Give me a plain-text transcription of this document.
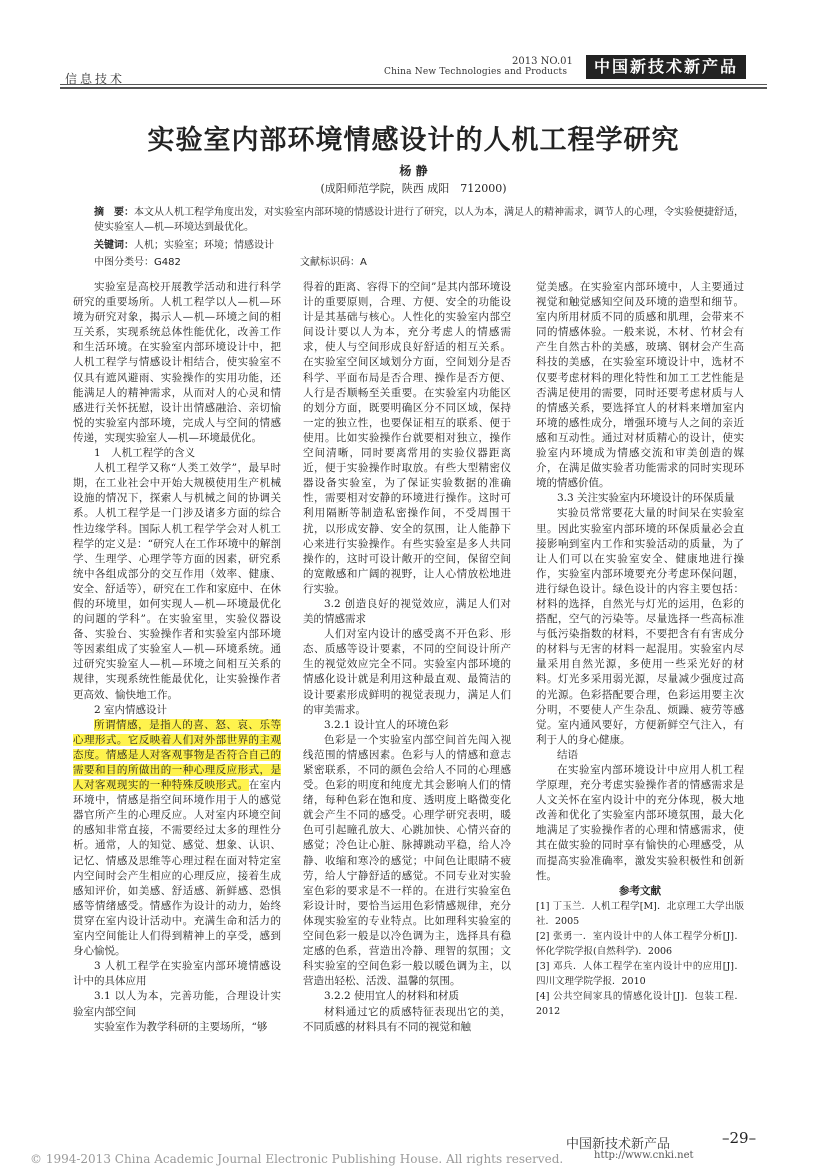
信息技术
2013 NO.01
China New Technologies and Products	中国新技术新产品
实验室内部环境情感设计的人机工程学研究
杨 静
(成阳师范学院，陕西 成阳　712000)
摘　要：本文从人机工程学角度出发，对实验室内部环境的情感设计进行了研究，以人为本，满足人的精神需求，调节人的心理，令实验便捷舒适，使实验室人—机—环境达到最优化。
关键词：人机；实验室；环境；情感设计
中图分类号：G482	文献标识码：A

实验室是高校开展教学活动和进行科学研究的重要场所。人机工程学以人—机—环境为研究对象，揭示人—机—环境之间的相互关系，实现系统总体性能优化，改善工作和生活环境。在实验室内部环境设计中，把人机工程学与情感设计相结合，使实验室不仅具有遮风避雨、实验操作的实用功能，还能满足人的精神需求，从而对人的心灵和情感进行关怀抚慰，设计出情感融洽、亲切愉悦的实验室内部环境，完成人与空间的情感传递，实现实验室人—机—环境最优化。

1　人机工程学的含义

人机工程学又称“人类工效学”，最早时期，在工业社会中开始大规模使用生产机械设施的情况下，探索人与机械之间的协调关系。人机工程学是一门涉及诸多方面的综合性边缘学科。国际人机工程学学会对人机工程学的定义是：“研究人在工作环境中的解剖学、生理学、心理学等方面的因素，研究系统中各组成部分的交互作用（效率、健康、安全、舒适等），研究在工作和家庭中、在休假的环境里，如何实现人—机—环境最优化的问题的学科”。在实验室里，实验仪器设备、实验台、实验操作者和实验室内部环境等因素组成了实验室人—机—环境系统。通过研究实验室人—机—环境之间相互关系的规律，实现系统性能最优化，让实验操作者更高效、愉快地工作。

2 室内情感设计

所谓情感，是指人的喜、怒、哀、乐等心理形式。它反映着人们对外部世界的主观态度。情感是人对客观事物是否符合自己的需要和目的所做出的一种心理反应形式，是人对客观现实的一种特殊反映形式。在室内环境中，情感是指空间环境作用于人的感觉器官所产生的心理反应。人对室内环境空间的感知非常直接，不需要经过太多的理性分析。通常，人的知觉、感觉、想象、认识、记忆、情感及思维等心理过程在面对特定室内空间时会产生相应的心理反应，接着生成感知评价，如美感、舒适感、新鲜感、恐惧感等情绪感受。情感作为设计的动力，始终贯穿在室内设计活动中。充满生命和活力的室内空间能让人们得到精神上的享受，感到身心愉悦。

3 人机工程学在实验室内部环境情感设计中的具体应用

3.1 以人为本，完善功能，合理设计实验室内部空间

实验室作为教学科研的主要场所，“够

得着的距离、容得下的空间”是其内部环境设计的重要原则，合理、方便、安全的功能设计是其基础与核心。人性化的实验室内部空间设计要以人为本，充分考虑人的情感需求，使人与空间形成良好舒适的相互关系。在实验室空间区域划分方面，空间划分是否科学、平面布局是否合理、操作是否方便、人行是否顺畅至关重要。在实验室内功能区的划分方面，既要明确区分不同区域，保持一定的独立性，也要保证相互的联系、便于使用。比如实验操作台就要相对独立，操作空间清晰，同时要离常用的实验仪器距离近，便于实验操作时取放。有些大型精密仪器设备实验室，为了保证实验数据的准确性，需要相对安静的环境进行操作。这时可利用隔断等制造私密操作间，不受周围干扰，以形成安静、安全的氛围，让人能静下心来进行实验操作。有些实验室是多人共同操作的，这时可设计敞开的空间，保留空间的宽敞感和广阔的视野，让人心情放松地进行实验。

3.2 创造良好的视觉效应，满足人们对美的情感需求

人们对室内设计的感受离不开色彩、形态、质感等设计要素，不同的空间设计所产生的视觉效应完全不同。实验室内部环境的情感化设计就是利用这种最直观、最简洁的设计要素形成鲜明的视觉表现力，满足人们的审美需求。

3.2.1 设计宜人的环境色彩

色彩是一个实验室内部空间首先闯入视线范围的情感因素。色彩与人的情感和意志紧密联系，不同的颜色会给人不同的心理感受。色彩的明度和纯度尤其会影响人们的情绪，每种色彩在饱和度、透明度上略微变化就会产生不同的感受。心理学研究表明，暖色可引起瞳孔放大、心跳加快、心情兴奋的感觉；冷色让心脏、脉搏跳动平稳，给人冷静、收缩和寒冷的感觉；中间色让眼睛不疲劳，给人宁静舒适的感觉。不同专业对实验室色彩的要求是不一样的。在进行实验室色彩设计时，要恰当运用色彩情感规律，充分体现实验室的专业特点。比如理科实验室的空间色彩一般是以冷色调为主，选择具有稳定感的色系，营造出冷静、理智的氛围；文科实验室的空间色彩一般以暖色调为主，以营造出轻松、活泼、温馨的氛围。

3.2.2 使用宜人的材料和材质

材料通过它的质感特征表现出它的美，不同质感的材料具有不同的视觉和触

觉美感。在实验室内部环境中，人主要通过视觉和触觉感知空间及环境的造型和细节。室内所用材质不同的质感和肌理，会带来不同的情感体验。一般来说，木材、竹材会有产生自然古朴的美感，玻璃、钢材会产生高科技的美感，在实验室环境设计中，选材不仅要考虑材料的理化特性和加工工艺性能是否满足使用的需要，同时还要考虑材质与人的情感关系，要选择宜人的材料来增加室内环境的感性成分，增强环境与人之间的亲近感和互动性。通过对材质精心的设计，使实验室内环境成为情感交流和审美创造的媒介，在满足做实验者功能需求的同时实现环境的情感价值。

3.3 关注实验室内环境设计的环保质量

实验员常常要花大量的时间呆在实验室里。因此实验室内部环境的环保质量必会直接影响到室内工作和实验活动的质量，为了让人们可以在实验室安全、健康地进行操作，实验室内部环境要充分考虑环保问题，进行绿色设计。绿色设计的内容主要包括：材料的选择，自然光与灯光的运用，色彩的搭配，空气的污染等。尽量选择一些高标准与低污染指数的材料，不要把含有有害成分的材料与无害的材料一起混用。实验室内尽量采用自然光源，多使用一些采光好的材料。灯光多采用弱光源，尽量减少强度过高的光源。色彩搭配要合理，色彩运用要主次分明，不要使人产生杂乱、烦躁、疲劳等感觉。室内通风要好，方便新鲜空气注入，有利于人的身心健康。

结语

在实验室内部环境设计中应用人机工程学原理，充分考虑实验操作者的情感需求是人文关怀在室内设计中的充分体现，极大地改善和优化了实验室内部环境氛围，最大化地满足了实验操作者的心理和情感需求，使其在做实验的同时享有愉快的心理感受，从而提高实验准确率，激发实验积极性和创新性。

参考文献

[1] 丁玉兰．人机工程学[M]．北京理工大学出版社．2005

[2] 张勇一．室内设计中的人体工程学分析[J]．怀化学院学报(自然科学)．2006

[3] 邓兵．人体工程学在室内设计中的应用[J]．四川文理学院学报．2010

[4] 公共空间家具的情感化设计[J]．包装工程．2012

中国新技术新产品	–29–
© 1994-2013 China Academic Journal Electronic Publishing House. All rights reserved.	http://www.cnki.net
